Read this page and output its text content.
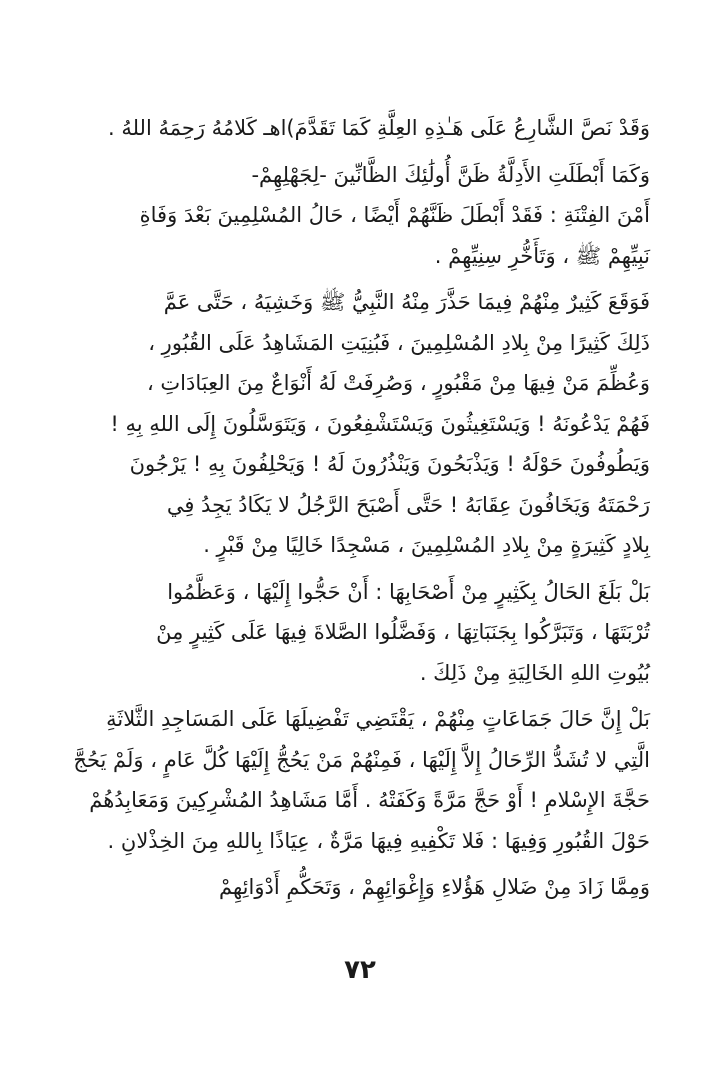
وَقَدْ نَصَّ الشَّارِعُ عَلَى هَـٰذِهِ العِلَّةِ كَمَا تَقَدَّمَ)اهـ كَلامُهُ رَحِمَهُ اللهُ .

وَكَمَا أَبْطَلَتِ الأَدِلَّةُ ظَنَّ أُولَٰئِكَ الظَّانِّينَ -لِجَهْلِهِمْ-
أَمْنَ الفِتْنَةِ : فَقَدْ أَبْطَلَ ظَنَّهُمْ أَيْضًا ، حَالُ المُسْلِمِينَ بَعْدَ وَفَاةِ
نَبِيِّهِمْ ﷺ ، وَتَأَخُّرِ سِنِيِّهِمْ .

فَوَقَعَ كَثِيرٌ مِنْهُمْ فِيمَا حَذَّرَ مِنْهُ النَّبِيُّ ﷺ وَخَشِيَهُ ، حَتَّى عَمَّ
ذَلِكَ كَثِيرًا مِنْ بِلادِ المُسْلِمِينَ ، فَبُنِيَتِ المَشَاهِدُ عَلَى القُبُورِ ،
وَعُظِّمَ مَنْ فِيهَا مِنْ مَقْبُورٍ ، وَصُرِفَتْ لَهُ أَنْوَاعٌ مِنَ العِبَادَاتِ ،
فَهُمْ يَدْعُونَهُ ! وَيَسْتَغِيثُونَ وَيَسْتَشْفِعُونَ ، وَيَتَوَسَّلُونَ إِلَى اللهِ بِهِ !
وَيَطُوفُونَ حَوْلَهُ ! وَيَذْبَحُونَ وَيَنْذُرُونَ لَهُ ! وَيَحْلِفُونَ بِهِ ! يَرْجُونَ
رَحْمَتَهُ وَيَخَافُونَ عِقَابَهُ ! حَتَّى أَصْبَحَ الرَّجُلُ لا يَكَادُ يَجِدُ فِي
بِلادٍ كَثِيرَةٍ مِنْ بِلادِ المُسْلِمِينَ ، مَسْجِدًا خَالِيًا مِنْ قَبْرٍ .

بَلْ بَلَغَ الحَالُ بِكَثِيرٍ مِنْ أَصْحَابِهَا : أَنْ حَجُّوا إِلَيْهَا ، وَعَظَّمُوا
تُرْبَتَهَا ، وَتَبَرَّكُوا بِجَنَبَاتِهَا ، وَفَضَّلُوا الصَّلاةَ فِيهَا عَلَى كَثِيرٍ مِنْ
بُيُوتِ اللهِ الخَالِيَةِ مِنْ ذَلِكَ .

بَلْ إِنَّ حَالَ جَمَاعَاتٍ مِنْهُمْ ، يَقْتَضِي تَفْضِيلَهَا عَلَى المَسَاجِدِ الثَّلاثَةِ
الَّتِي لا تُشَدُّ الرِّحَالُ إِلاَّ إِلَيْهَا ، فَمِنْهُمْ مَنْ يَحُجُّ إِلَيْهَا كُلَّ عَامٍ ، وَلَمْ يَحُجَّ
حَجَّةَ الإِسْلامِ ! أَوْ حَجَّ مَرَّةً وَكَفَتْهُ . أَمَّا مَشَاهِدُ المُشْرِكِينَ وَمَعَابِدُهُمْ
حَوْلَ القُبُورِ وَفِيهَا : فَلا تَكْفِيهِ فِيهَا مَرَّةٌ ، عِيَاذًا بِاللهِ مِنَ الخِذْلانِ .

وَمِمَّا زَادَ مِنْ ضَلالِ هَؤُلاءِ وَإِغْوَائِهِمْ ، وَتَحَكُّمِ أَدْوَائِهِمْ

٧٢
